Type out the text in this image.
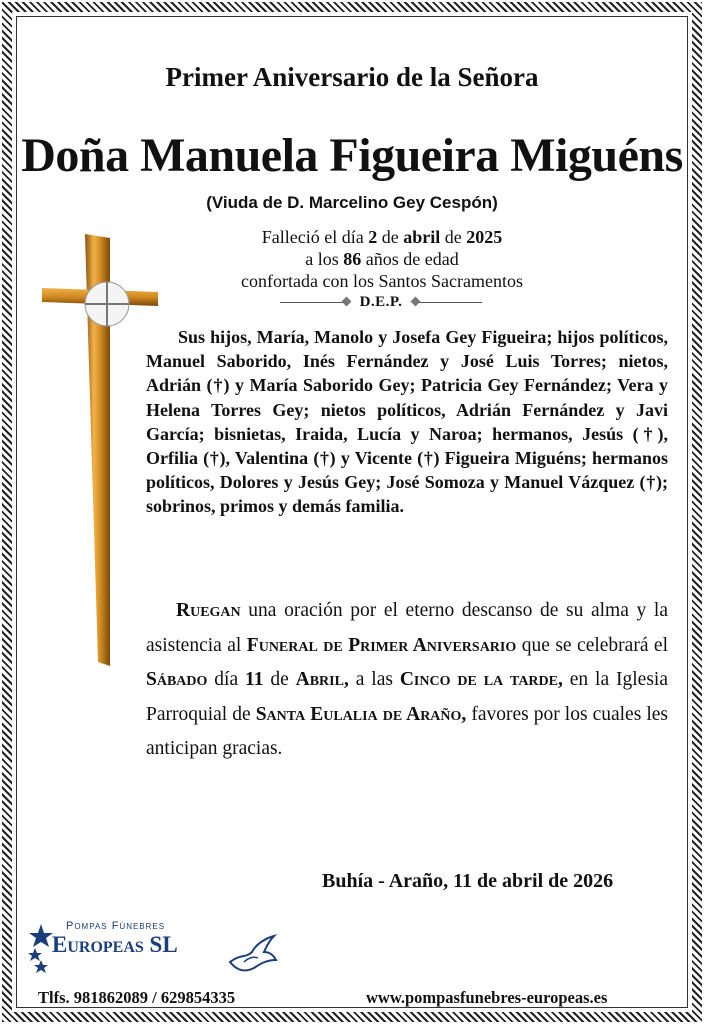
Primer Aniversario de la Señora
Doña Manuela Figueira Miguéns
(Viuda de D. Marcelino Gey Cespón)
Falleció el día 2 de abril de 2025
a los 86 años de edad
confortada con los Santos Sacramentos
D.E.P.
Sus hijos, María, Manolo y Josefa Gey Figueira; hijos políticos, Manuel Saborido, Inés Fernández y José Luis Torres; nietos, Adrián (†) y María Saborido Gey; Patricia Gey Fernández; Vera y Helena Torres Gey; nietos políticos, Adrián Fernández y Javi García; bisnietas, Iraida, Lucía y Naroa; hermanos, Jesús (†), Orfilia (†), Valentina (†) y Vicente (†) Figueira Miguéns; hermanos políticos, Dolores y Jesús Gey; José Somoza y Manuel Vázquez (†); sobrinos, primos y demás familia.
Ruegan una oración por el eterno descanso de su alma y la asistencia al Funeral de Primer Aniversario que se celebrará el Sábado día 11 de Abril, a las Cinco de la tarde, en la Iglesia Parroquial de Santa Eulalia de Araño, favores por los cuales les anticipan gracias.
Buhía - Araño, 11 de abril de 2026
Pompas Fúnebres
Europeas SL
Tlfs. 981862089 / 629854335	www.pompasfunebres-europeas.es
